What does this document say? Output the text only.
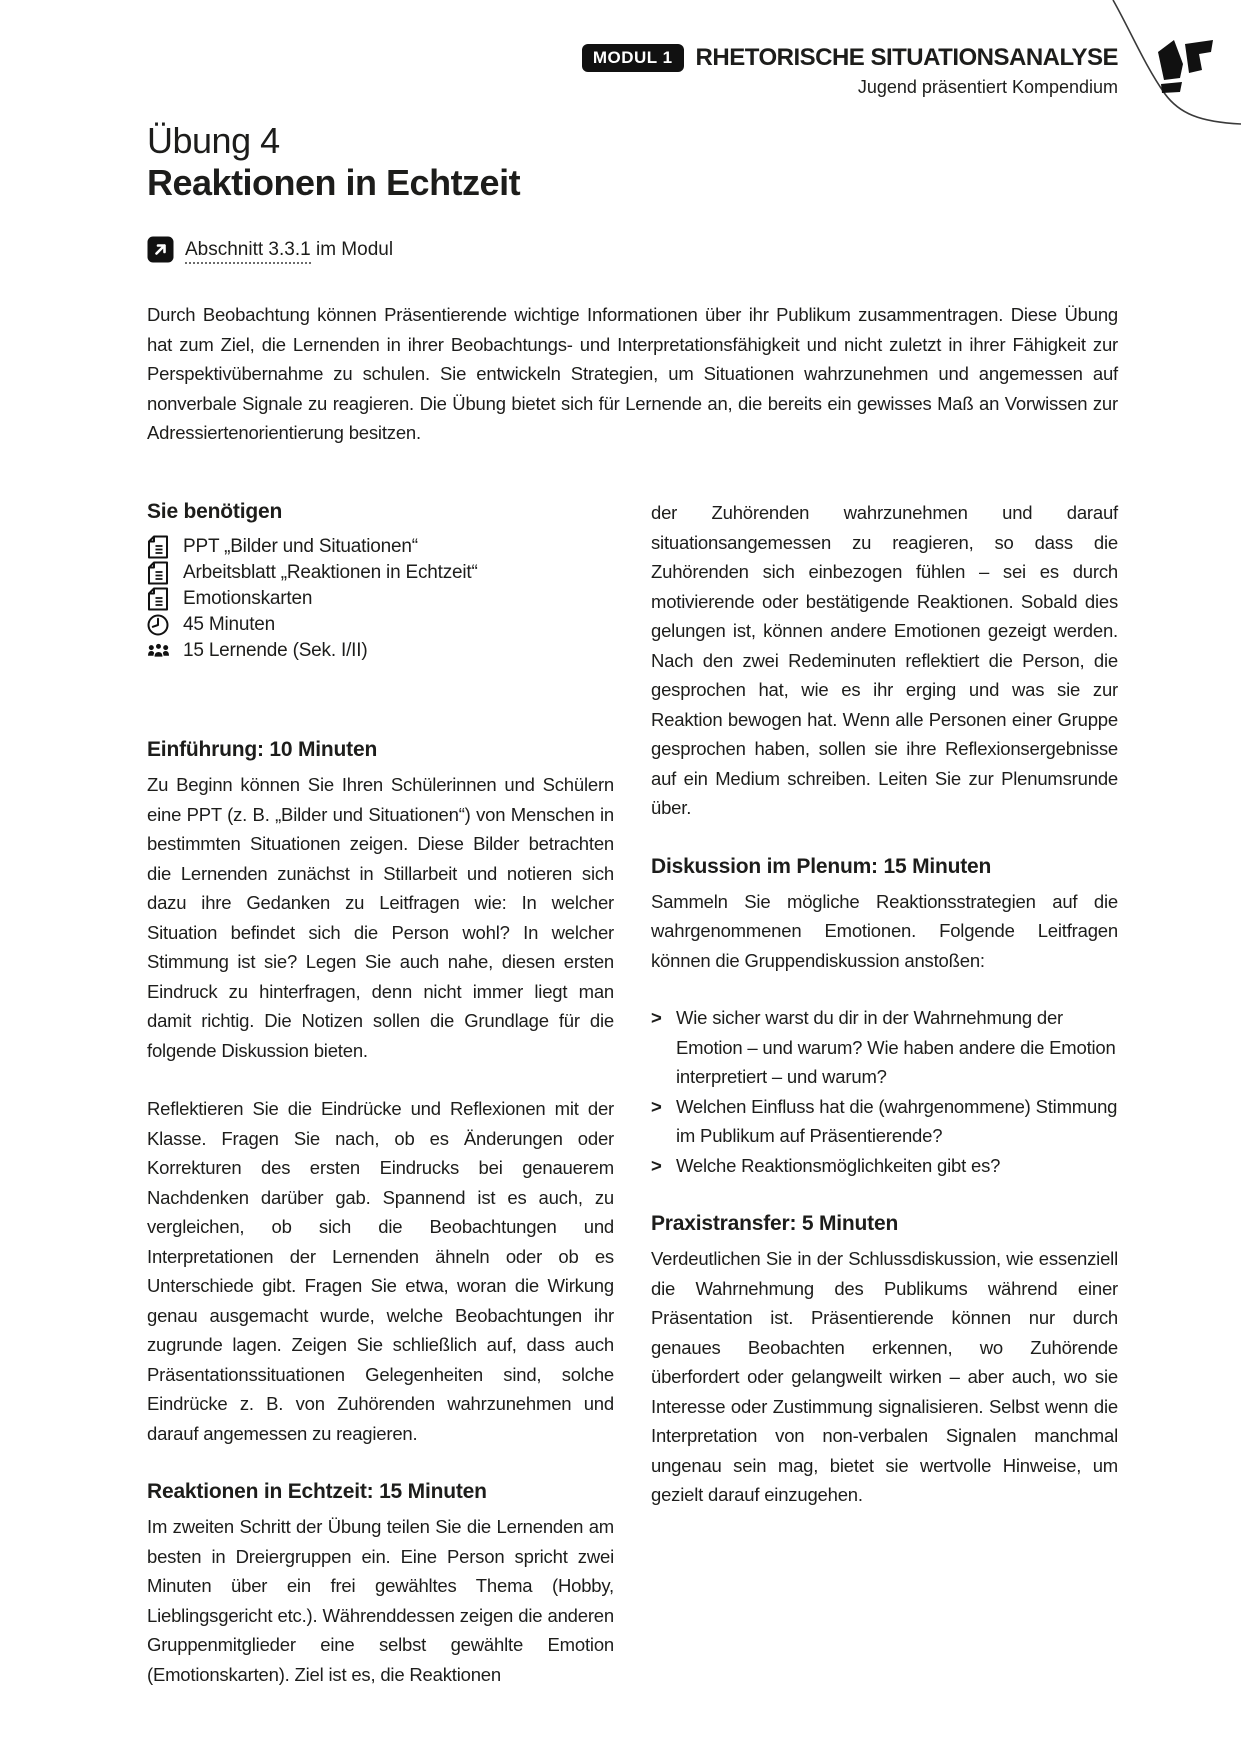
MODUL 1 RHETORISCHE SITUATIONSANALYSE
Jugend präsentiert Kompendium
Übung 4
Reaktionen in Echtzeit
Abschnitt 3.3.1 im Modul

Durch Beobachtung können Präsentierende wichtige Informationen über ihr Publikum zusammentragen. Diese Übung hat zum Ziel, die Lernenden in ihrer Beobachtungs- und Interpretationsfähigkeit und nicht zuletzt in ihrer Fähigkeit zur Perspektivübernahme zu schulen. Sie entwickeln Strategien, um Situationen wahrzunehmen und angemessen auf nonverbale Signale zu reagieren. Die Übung bietet sich für Lernende an, die bereits ein gewisses Maß an Vorwissen zur Adressiertenorientierung besitzen.

Sie benötigen
PPT „Bilder und Situationen“
Arbeitsblatt „Reaktionen in Echtzeit“
Emotionskarten
45 Minuten
15 Lernende (Sek. I/II)
Einführung: 10 Minuten

Zu Beginn können Sie Ihren Schülerinnen und Schülern eine PPT (z. B. „Bilder und Situationen“) von Menschen in bestimmten Situationen zeigen. Diese Bilder betrachten die Lernenden zunächst in Stillarbeit und notieren sich dazu ihre Gedanken zu Leitfragen wie: In welcher Situation befindet sich die Person wohl? In welcher Stimmung ist sie? Legen Sie auch nahe, diesen ersten Eindruck zu hinterfragen, denn nicht immer liegt man damit richtig. Die Notizen sollen die Grundlage für die folgende Diskussion bieten.

Reflektieren Sie die Eindrücke und Reflexionen mit der Klasse. Fragen Sie nach, ob es Änderungen oder Korrekturen des ersten Eindrucks bei genauerem Nachdenken darüber gab. Spannend ist es auch, zu vergleichen, ob sich die Beobachtungen und Interpretationen der Lernenden ähneln oder ob es Unterschiede gibt. Fragen Sie etwa, woran die Wirkung genau ausgemacht wurde, welche Beobachtungen ihr zugrunde lagen. Zeigen Sie schließlich auf, dass auch Präsentationssituationen Gelegenheiten sind, solche Eindrücke z. B. von Zuhörenden wahrzunehmen und darauf angemessen zu reagieren.

Reaktionen in Echtzeit: 15 Minuten

Im zweiten Schritt der Übung teilen Sie die Lernenden am besten in Dreiergruppen ein. Eine Person spricht zwei Minuten über ein frei gewähltes Thema (Hobby, Lieblingsgericht etc.). Währenddessen zeigen die anderen Gruppenmitglieder eine selbst gewählte Emotion (Emotionskarten). Ziel ist es, die Reaktionen

der Zuhörenden wahrzunehmen und darauf situationsangemessen zu reagieren, so dass die Zuhörenden sich einbezogen fühlen – sei es durch motivierende oder bestätigende Reaktionen. Sobald dies gelungen ist, können andere Emotionen gezeigt werden. Nach den zwei Redeminuten reflektiert die Person, die gesprochen hat, wie es ihr erging und was sie zur Reaktion bewogen hat. Wenn alle Personen einer Gruppe gesprochen haben, sollen sie ihre Reflexionsergebnisse auf ein Medium schreiben. Leiten Sie zur Plenumsrunde über.

Diskussion im Plenum: 15 Minuten

Sammeln Sie mögliche Reaktionsstrategien auf die wahrgenommenen Emotionen. Folgende Leitfragen können die Gruppendiskussion anstoßen:

> Wie sicher warst du dir in der Wahrnehmung der Emotion – und warum? Wie haben andere die Emotion interpretiert – und warum?
> Welchen Einfluss hat die (wahrgenommene) Stimmung im Publikum auf Präsentierende?
> Welche Reaktionsmöglichkeiten gibt es?
Praxistransfer: 5 Minuten

Verdeutlichen Sie in der Schlussdiskussion, wie essenziell die Wahrnehmung des Publikums während einer Präsentation ist. Präsentierende können nur durch genaues Beobachten erkennen, wo Zuhörende überfordert oder gelangweilt wirken – aber auch, wo sie Interesse oder Zustimmung signalisieren. Selbst wenn die Interpretation von non-verbalen Signalen manchmal ungenau sein mag, bietet sie wertvolle Hinweise, um gezielt darauf einzugehen.
